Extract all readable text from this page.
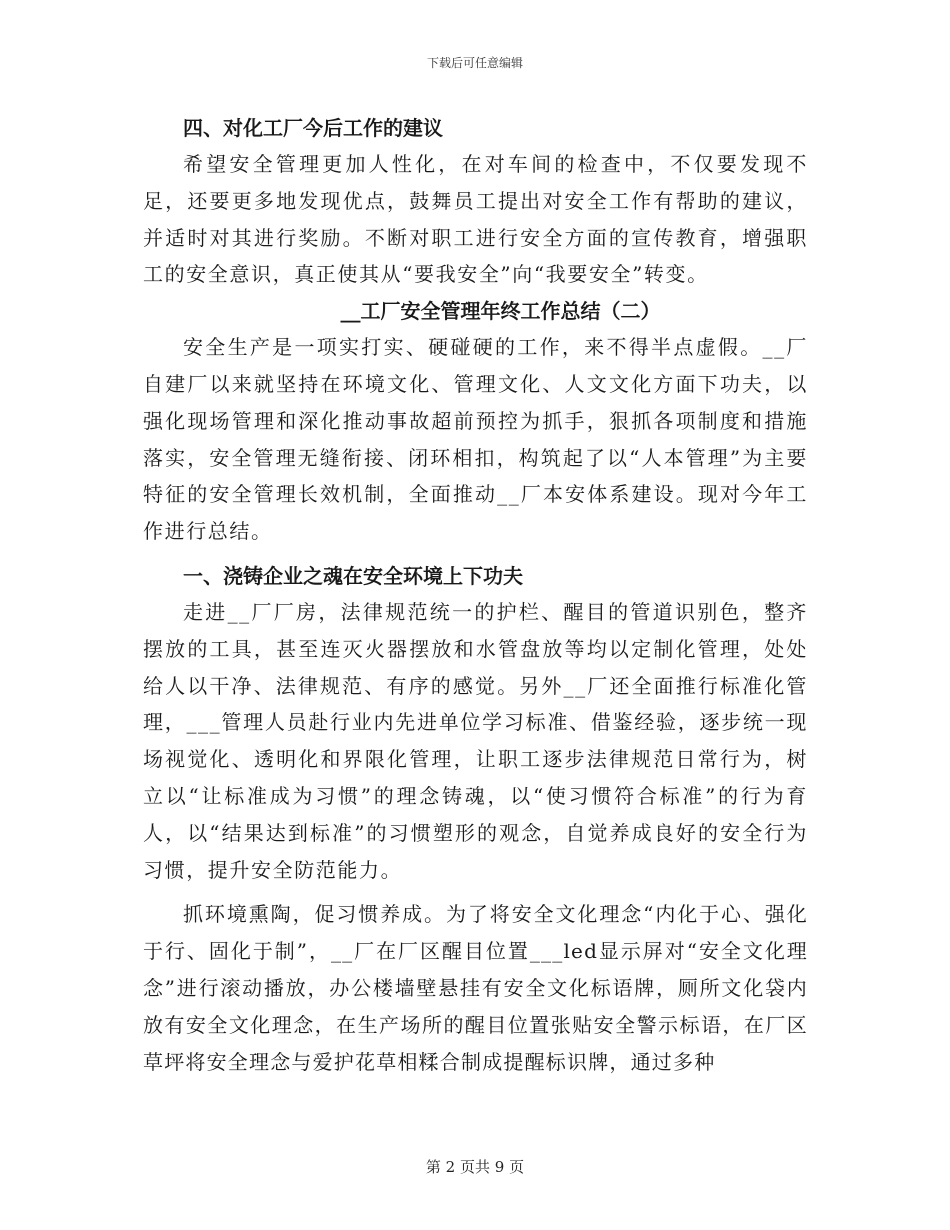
下载后可任意编辑

四、对化工厂今后工作的建议

希望安全管理更加人性化，在对车间的检查中，不仅要发现不足，还要更多地发现优点，鼓舞员工提出对安全工作有帮助的建议，并适时对其进行奖励。不断对职工进行安全方面的宣传教育，增强职工的安全意识，真正使其从“要我安全”向“我要安全”转变。

__工厂安全管理年终工作总结（二）

安全生产是一项实打实、硬碰硬的工作，来不得半点虚假。__厂自建厂以来就坚持在环境文化、管理文化、人文文化方面下功夫，以强化现场管理和深化推动事故超前预控为抓手，狠抓各项制度和措施落实，安全管理无缝衔接、闭环相扣，构筑起了以“人本管理”为主要特征的安全管理长效机制，全面推动__厂本安体系建设。现对今年工作进行总结。

一、浇铸企业之魂在安全环境上下功夫

走进__厂厂房，法律规范统一的护栏、醒目的管道识别色，整齐摆放的工具，甚至连灭火器摆放和水管盘放等均以定制化管理，处处给人以干净、法律规范、有序的感觉。另外__厂还全面推行标准化管理，___管理人员赴行业内先进单位学习标准、借鉴经验，逐步统一现场视觉化、透明化和界限化管理，让职工逐步法律规范日常行为，树立以“让标准成为习惯”的理念铸魂，以“使习惯符合标准”的行为育人，以“结果达到标准”的习惯塑形的观念，自觉养成良好的安全行为习惯，提升安全防范能力。

抓环境熏陶，促习惯养成。为了将安全文化理念“内化于心、强化于行、固化于制”，__厂在厂区醒目位置___led显示屏对“安全文化理念”进行滚动播放，办公楼墙壁悬挂有安全文化标语牌，厕所文化袋内放有安全文化理念，在生产场所的醒目位置张贴安全警示标语，在厂区草坪将安全理念与爱护花草相糅合制成提醒标识牌，通过多种

第 2 页共 9 页
